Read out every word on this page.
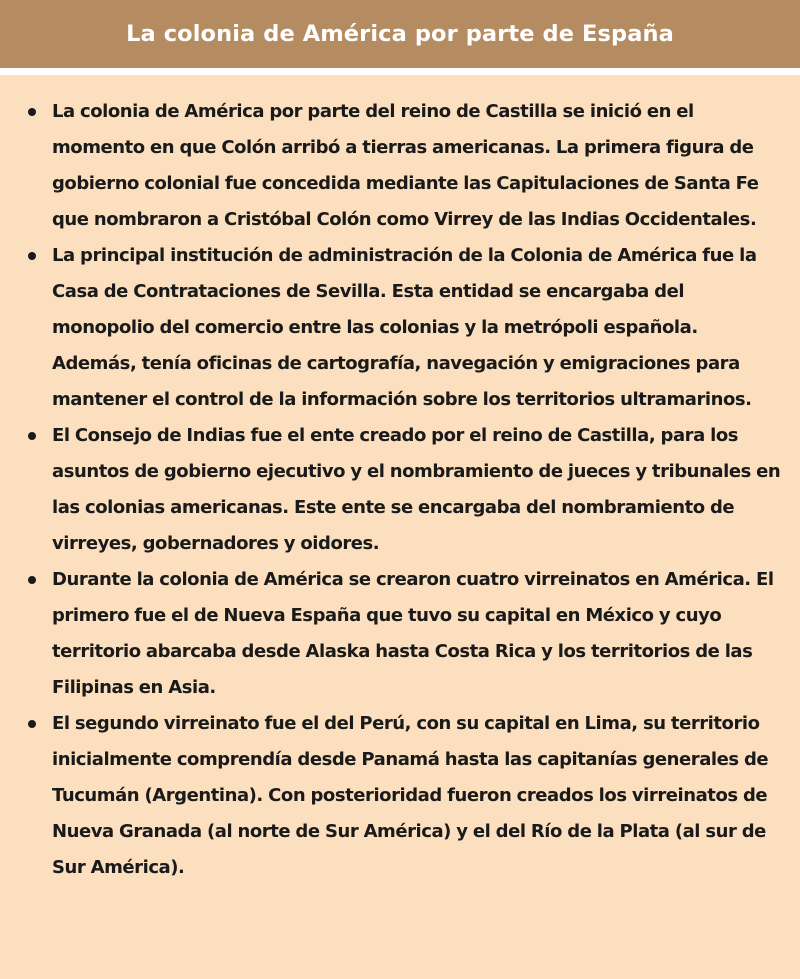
La colonia de América por parte de España
La colonia de América por parte del reino de Castilla se inició en el momento en que Colón arribó a tierras americanas. La primera figura de gobierno colonial fue concedida mediante las Capitulaciones de Santa Fe que nombraron a Cristóbal Colón como Virrey de las Indias Occidentales.
La principal institución de administración de la Colonia de América fue la Casa de Contrataciones de Sevilla. Esta entidad se encargaba del monopolio del comercio entre las colonias y la metrópoli española. Además, tenía oficinas de cartografía, navegación y emigraciones para mantener el control de la información sobre los territorios ultramarinos.
El Consejo de Indias fue el ente creado por el reino de Castilla, para los asuntos de gobierno ejecutivo y el nombramiento de jueces y tribunales en las colonias americanas. Este ente se encargaba del nombramiento de virreyes, gobernadores y oidores.
Durante la colonia de América se crearon cuatro virreinatos en América. El primero fue el de Nueva España que tuvo su capital en México y cuyo territorio abarcaba desde Alaska hasta Costa Rica y los territorios de las Filipinas en Asia.
El segundo virreinato fue el del Perú, con su capital en Lima, su territorio inicialmente comprendía desde Panamá hasta las capitanías generales de Tucumán (Argentina). Con posterioridad fueron creados los virreinatos de Nueva Granada (al norte de Sur América) y el del Río de la Plata (al sur de Sur América).
